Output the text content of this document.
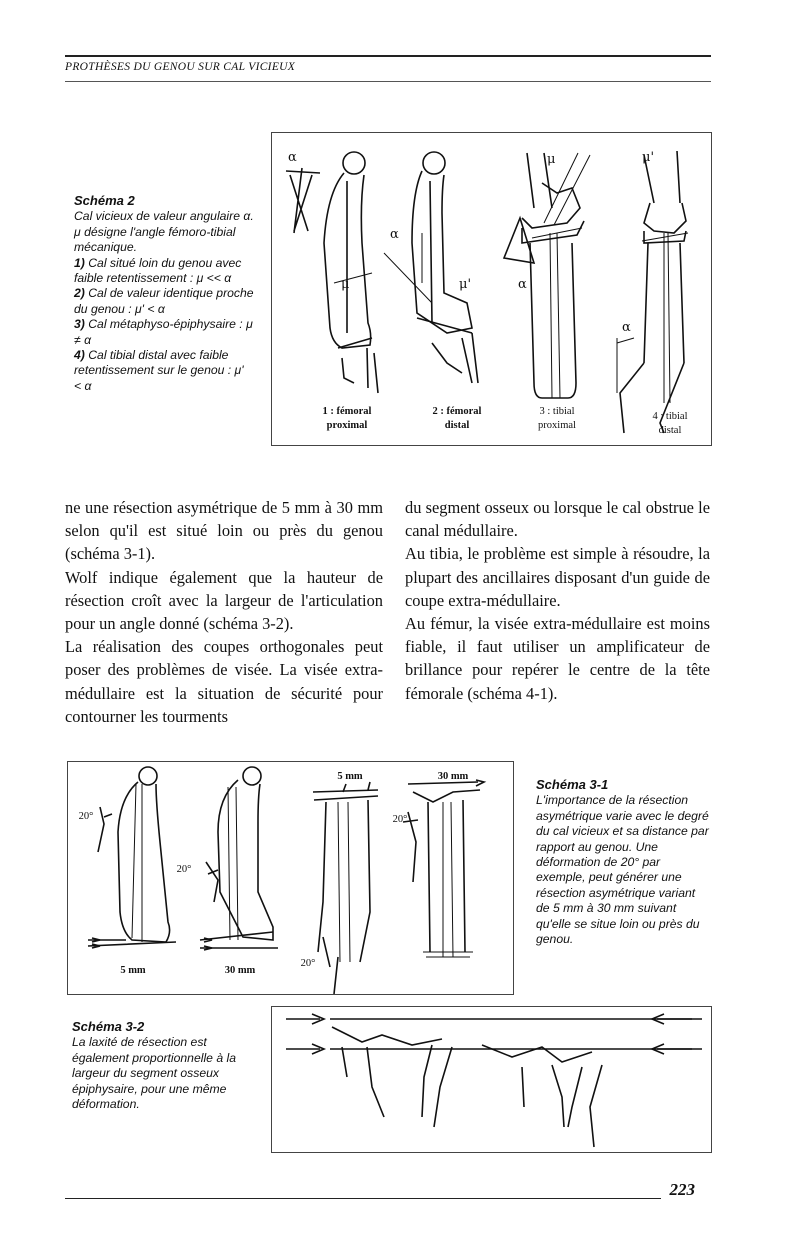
PROTHÈSES DU GENOU SUR CAL VICIEUX
Schéma 2
Cal vicieux de valeur angulaire α. μ désigne l'angle fémoro-tibial mécanique.
1) Cal situé loin du genou avec faible retentissement : μ << α
2) Cal de valeur identique proche du genou : μ' < α
3) Cal métaphyso-épiphysaire : μ ≠ α
4) Cal tibial distal avec faible retentissement sur le genou : μ' < α
α
μ
α
μ'	α
μ	μ'
α
1 : fémoral
proximal
2 : fémoral
distal
3 : tibial
proximal
4 : tibial
distal

ne une résection asymétrique de 5 mm à 30 mm selon qu'il est situé loin ou près du genou (schéma 3-1).

Wolf indique également que la hauteur de résection croît avec la largeur de l'articulation pour un angle donné (schéma 3-2).

La réalisation des coupes orthogonales peut poser des problèmes de visée. La visée extra-médullaire est la situation de sécurité pour contourner les tourments

du segment osseux ou lorsque le cal obstrue le canal médullaire.

Au tibia, le problème est simple à résoudre, la plupart des ancillaires disposant d'un guide de coupe extra-médullaire.

Au fémur, la visée extra-médullaire est moins fiable, il faut utiliser un amplificateur de brillance pour repérer le centre de la tête fémorale (schéma 4-1).

20°
5 mm
20°
30 mm
5 mm
20°
30 mm
20°
Schéma 3-1
L'importance de la résection asymétrique varie avec le degré du cal vicieux et sa distance par rapport au genou. Une déformation de 20° par exemple, peut générer une résection asymétrique variant de 5 mm à 30 mm suivant qu'elle se situe loin ou près du genou.
Schéma 3-2
La laxité de résection est également proportionnelle à la largeur du segment osseux épiphysaire, pour une même déformation.
223
